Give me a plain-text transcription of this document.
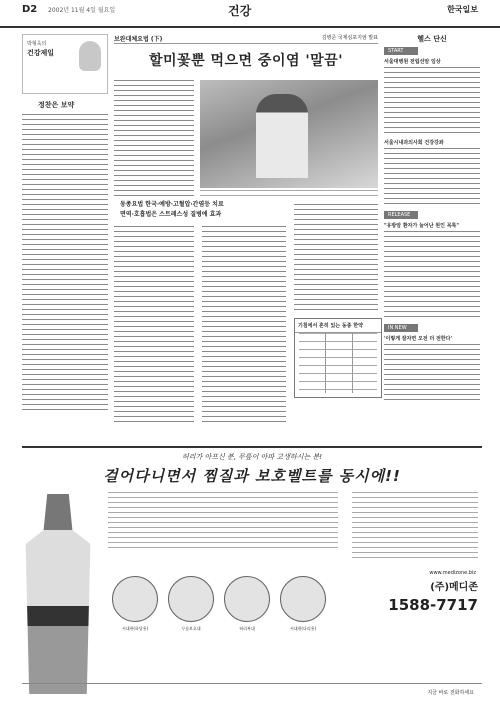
D2 2002년 11월 4일 월요일	건강	한국일보
박형욱의
건강제일
정찬은 보약
보완대체요법 (下)	김병준 국제심포지엄 발표
할미꽃뿐 먹으면 중이염 '말끔'
동종요법 한국·예방·고혈압·간염등 치료
면역·호흡법은 스트레스성 질병에 효과
기침에서 흔히 있는 동종 한약
헬스 단신
START
서울대병원 전립선암 임상
서울시내과의사회 건강강좌
RELEASE
"유방암 환자가 늘어난 원인 목록"
IN NEW
'이렇게 잘자면 오전 더 전한다'
허리가 아프신 분, 무릎이 아파 고생하시는 분!
걸어다니면서 찜질과 보호벨트를 동시에!!
서대편(하당용)	무릎보호대	허리복대	서대편(다리용)
www.medizone.biz
(주)메디존
1588-7717
지금 바로 전화하세요
